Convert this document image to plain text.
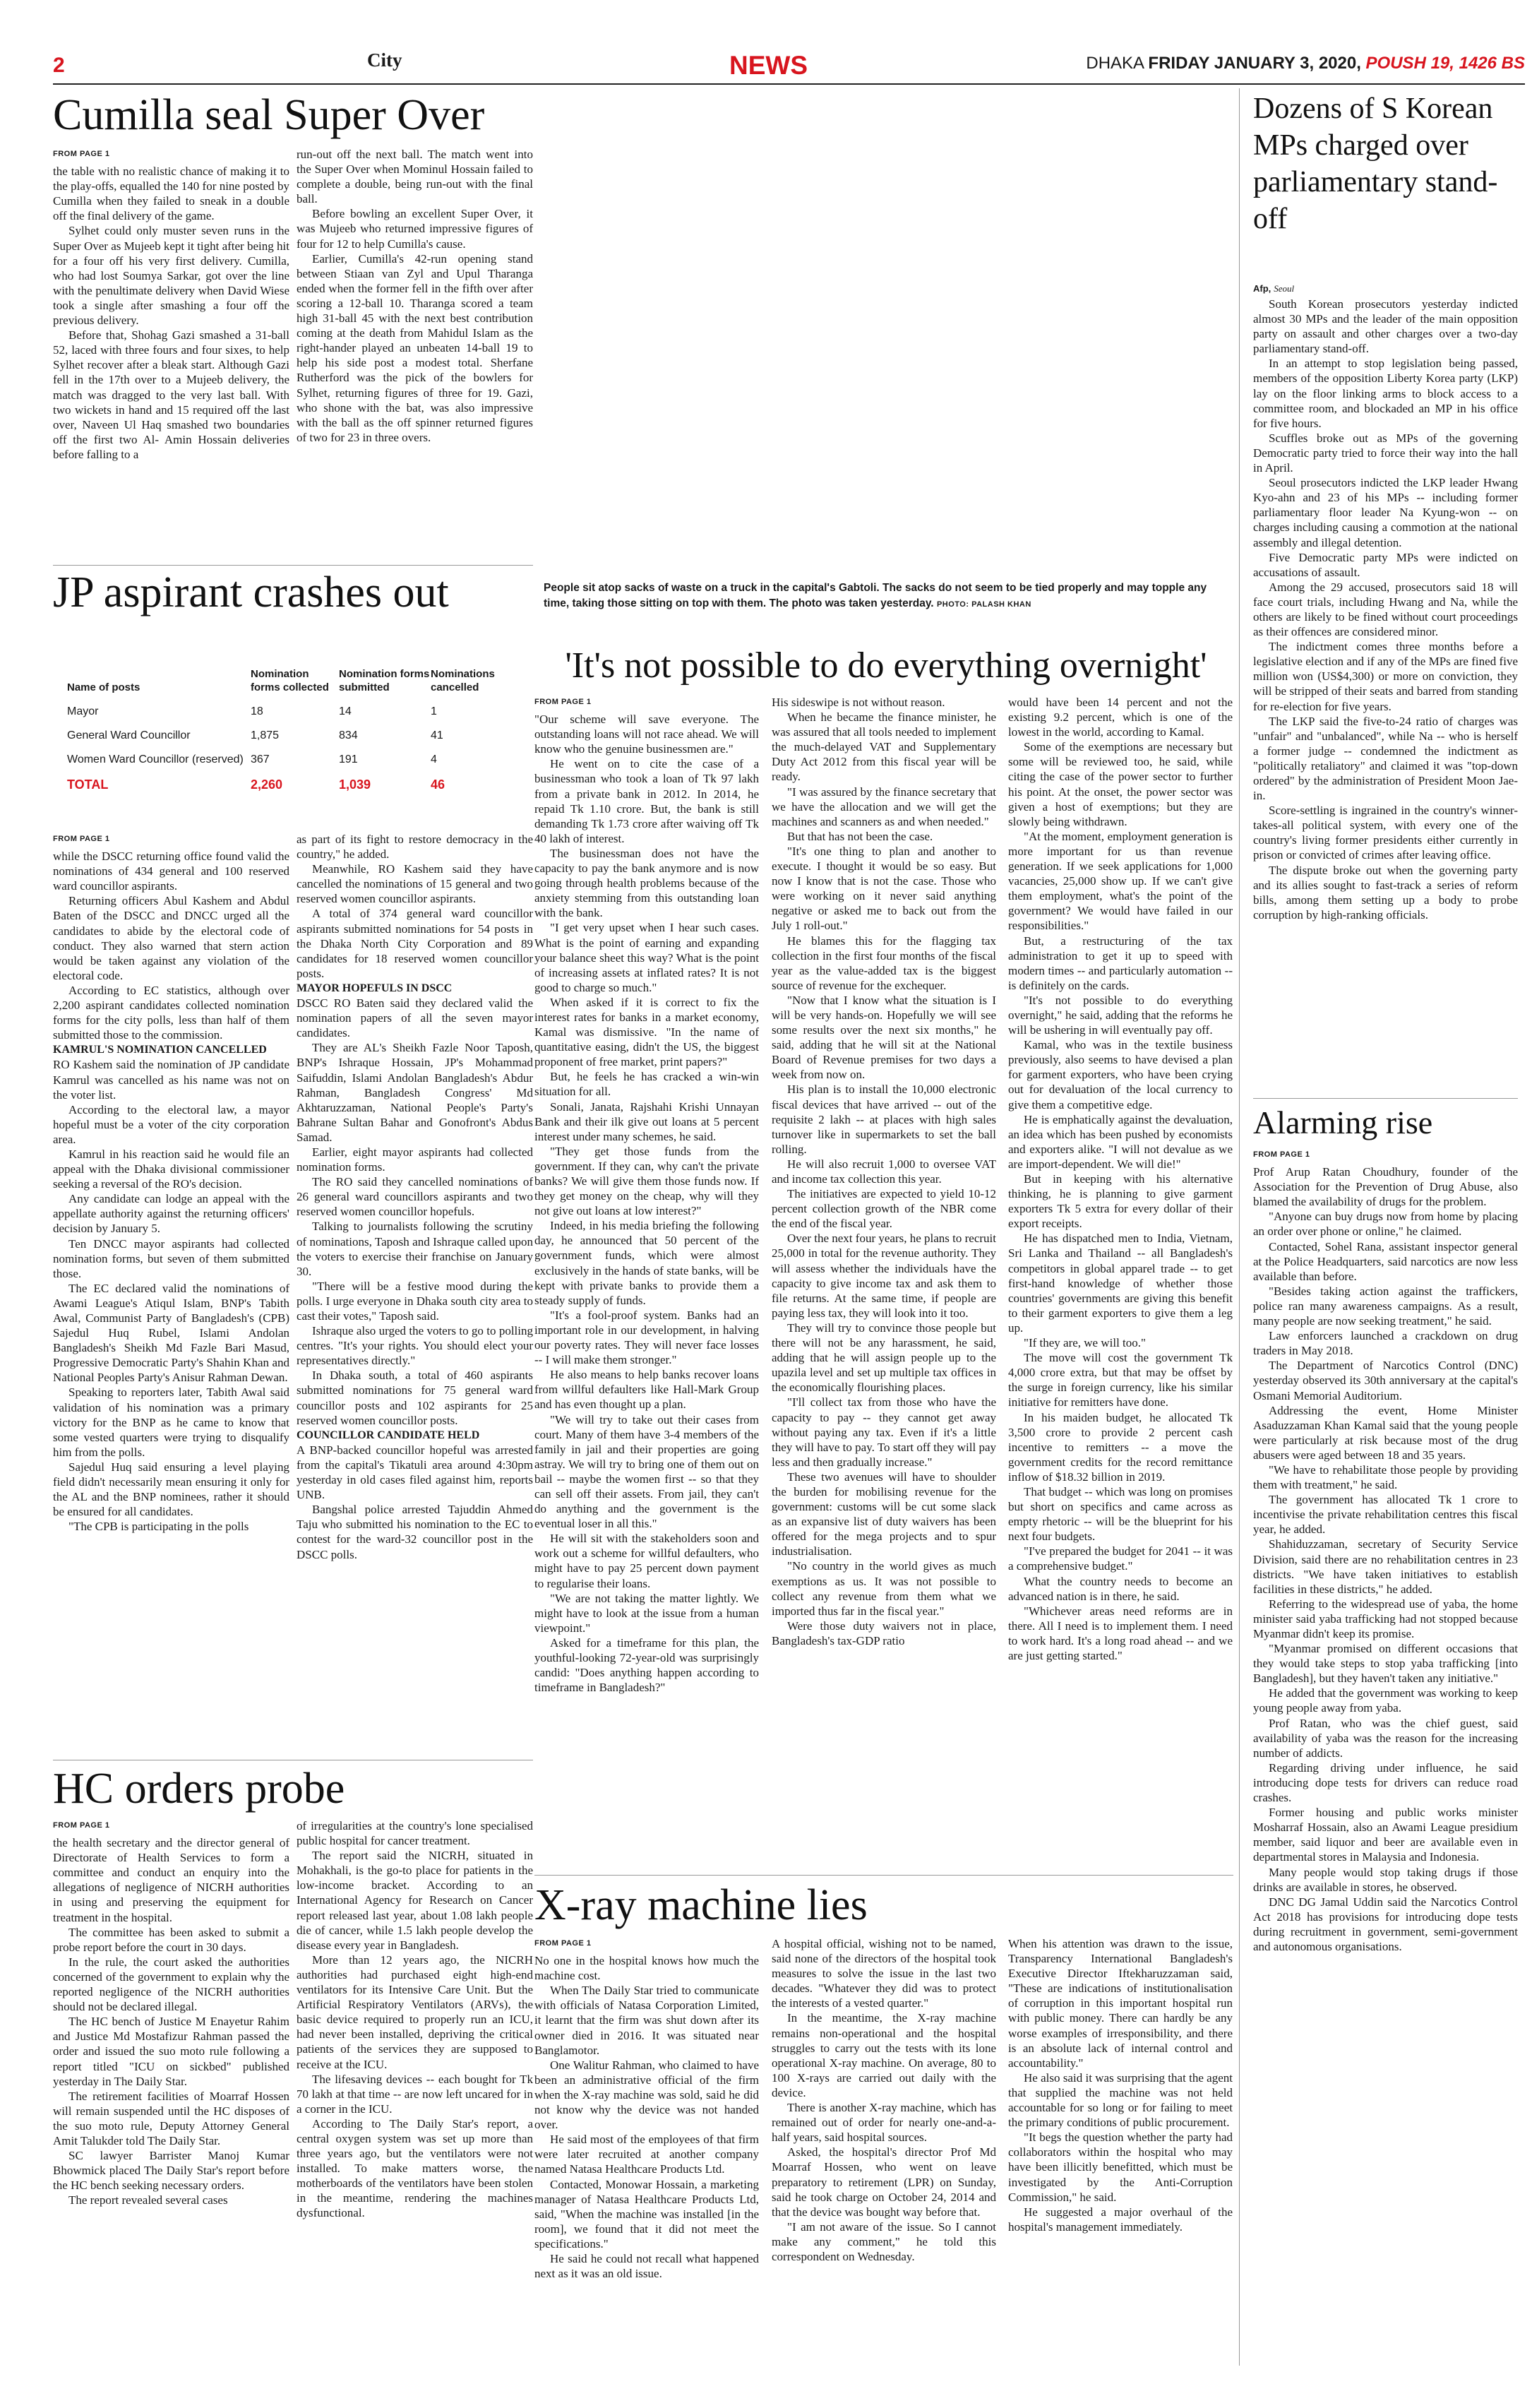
2	City	NEWS	DHAKA FRIDAY JANUARY 3, 2020, POUSH 19, 1426 BS
Cumilla seal Super Over
FROM PAGE 1

the table with no realistic chance of making it to the play-offs, equalled the 140 for nine posted by Cumilla when they failed to sneak in a double off the final delivery of the game.

Sylhet could only muster seven runs in the Super Over as Mujeeb kept it tight after being hit for a four off his very first delivery. Cumilla, who had lost Soumya Sarkar, got over the line with the penultimate delivery when David Wiese took a single after smashing a four off the previous delivery.

Before that, Shohag Gazi smashed a 31-ball 52, laced with three fours and four sixes, to help Sylhet recover after a bleak start. Although Gazi fell in the 17th over to a Mujeeb delivery, the match was dragged to the very last ball. With two wickets in hand and 15 required off the last over, Naveen Ul Haq smashed two boundaries off the first two Al- Amin Hossain deliveries before falling to a

run-out off the next ball. The match went into the Super Over when Mominul Hossain failed to complete a double, being run-out with the final ball.

Before bowling an excellent Super Over, it was Mujeeb who returned impressive figures of four for 12 to help Cumilla's cause.

Earlier, Cumilla's 42-run opening stand between Stiaan van Zyl and Upul Tharanga ended when the former fell in the fifth over after scoring a 12-ball 10. Tharanga scored a team high 31-ball 45 with the next best contribution coming at the death from Mahidul Islam as the right-hander played an unbeaten 14-ball 19 to help his side post a modest total. Sherfane Rutherford was the pick of the bowlers for Sylhet, returning figures of three for 19. Gazi, who shone with the bat, was also impressive with the ball as the off spinner returned figures of two for 23 in three overs.

People sit atop sacks of waste on a truck in the capital's Gabtoli. The sacks do not seem to be tied properly and may topple any time, taking those sitting on top with them. The photo was taken yesterday. PHOTO: PALASH KHAN
Dozens of S Korean MPs charged over parliamentary stand-off
Afp, Seoul

South Korean prosecutors yesterday indicted almost 30 MPs and the leader of the main opposition party on assault and other charges over a two-day parliamentary stand-off.

In an attempt to stop legislation being passed, members of the opposition Liberty Korea party (LKP) lay on the floor linking arms to block access to a committee room, and blockaded an MP in his office for five hours.

Scuffles broke out as MPs of the governing Democratic party tried to force their way into the hall in April.

Seoul prosecutors indicted the LKP leader Hwang Kyo-ahn and 23 of his MPs -- including former parliamentary floor leader Na Kyung-won -- on charges including causing a commotion at the national assembly and illegal detention.

Five Democratic party MPs were indicted on accusations of assault.

Among the 29 accused, prosecutors said 18 will face court trials, including Hwang and Na, while the others are likely to be fined without court proceedings as their offences are considered minor.

The indictment comes three months before a legislative election and if any of the MPs are fined five million won (US$4,300) or more on conviction, they will be stripped of their seats and barred from standing for re-election for five years.

The LKP said the five-to-24 ratio of charges was "unfair" and "unbalanced", while Na -- who is herself a former judge -- condemned the indictment as "politically retaliatory" and claimed it was "top-down ordered" by the administration of President Moon Jae-in.

Score-settling is ingrained in the country's winner-takes-all political system, with every one of the country's living former presidents either currently in prison or convicted of crimes after leaving office.

The dispute broke out when the governing party and its allies sought to fast-track a series of reform bills, among them setting up a body to probe corruption by high-ranking officials.

Alarming rise
FROM PAGE 1

Prof Arup Ratan Choudhury, founder of the Association for the Prevention of Drug Abuse, also blamed the availability of drugs for the problem.

"Anyone can buy drugs now from home by placing an order over phone or online," he claimed.

Contacted, Sohel Rana, assistant inspector general at the Police Headquarters, said narcotics are now less available than before.

"Besides taking action against the traffickers, police ran many awareness campaigns. As a result, many people are now seeking treatment," he said.

Law enforcers launched a crackdown on drug traders in May 2018.

The Department of Narcotics Control (DNC) yesterday observed its 30th anniversary at the capital's Osmani Memorial Auditorium.

Addressing the event, Home Minister Asaduzzaman Khan Kamal said that the young people were particularly at risk because most of the drug abusers were aged between 18 and 35 years.

"We have to rehabilitate those people by providing them with treatment," he said.

The government has allocated Tk 1 crore to incentivise the private rehabilitation centres this fiscal year, he added.

Shahiduzzaman, secretary of Security Service Division, said there are no rehabilitation centres in 23 districts. "We have taken initiatives to establish facilities in these districts," he added.

Referring to the widespread use of yaba, the home minister said yaba trafficking had not stopped because Myanmar didn't keep its promise.

"Myanmar promised on different occasions that they would take steps to stop yaba trafficking [into Bangladesh], but they haven't taken any initiative."

He added that the government was working to keep young people away from yaba.

Prof Ratan, who was the chief guest, said availability of yaba was the reason for the increasing number of addicts.

Regarding driving under influence, he said introducing dope tests for drivers can reduce road crashes.

Former housing and public works minister Mosharraf Hossain, also an Awami League presidium member, said liquor and beer are available even in departmental stores in Malaysia and Indonesia.

Many people would stop taking drugs if those drinks are available in stores, he observed.

DNC DG Jamal Uddin said the Narcotics Control Act 2018 has provisions for introducing dope tests during recruitment in government, semi-government and autonomous organisations.

JP aspirant crashes out
Name of posts	Nomination forms collected	Nomination forms submitted	Nominations cancelled
Mayor	18	14	1
General Ward Councillor	1,875	834	41
Women Ward Councillor (reserved)	367	191	4
TOTAL	2,260	1,039	46
FROM PAGE 1

while the DSCC returning office found valid the nominations of 434 general and 100 reserved ward councillor aspirants.

Returning officers Abul Kashem and Abdul Baten of the DSCC and DNCC urged all the candidates to abide by the electoral code of conduct. They also warned that stern action would be taken against any violation of the electoral code.

According to EC statistics, although over 2,200 aspirant candidates collected nomination forms for the city polls, less than half of them submitted those to the commission.

KAMRUL'S NOMINATION CANCELLED

RO Kashem said the nomination of JP candidate Kamrul was cancelled as his name was not on the voter list.

According to the electoral law, a mayor hopeful must be a voter of the city corporation area.

Kamrul in his reaction said he would file an appeal with the Dhaka divisional commissioner seeking a reversal of the RO's decision.

Any candidate can lodge an appeal with the appellate authority against the returning officers' decision by January 5.

Ten DNCC mayor aspirants had collected nomination forms, but seven of them submitted those.

The EC declared valid the nominations of Awami League's Atiqul Islam, BNP's Tabith Awal, Communist Party of Bangladesh's (CPB) Sajedul Huq Rubel, Islami Andolan Bangladesh's Sheikh Md Fazle Bari Masud, Progressive Democratic Party's Shahin Khan and National Peoples Party's Anisur Rahman Dewan.

Speaking to reporters later, Tabith Awal said validation of his nomination was a primary victory for the BNP as he came to know that some vested quarters were trying to disqualify him from the polls.

Sajedul Huq said ensuring a level playing field didn't necessarily mean ensuring it only for the AL and the BNP nominees, rather it should be ensured for all candidates.

"The CPB is participating in the polls

as part of its fight to restore democracy in the country," he added.

Meanwhile, RO Kashem said they have cancelled the nominations of 15 general and two reserved women councillor aspirants.

A total of 374 general ward councillor aspirants submitted nominations for 54 posts in the Dhaka North City Corporation and 89 candidates for 18 reserved women councillor posts.

MAYOR HOPEFULS IN DSCC

DSCC RO Baten said they declared valid the nomination papers of all the seven mayor candidates.

They are AL's Sheikh Fazle Noor Taposh, BNP's Ishraque Hossain, JP's Mohammad Saifuddin, Islami Andolan Bangladesh's Abdur Rahman, Bangladesh Congress' Md Akhtaruzzaman, National People's Party's Bahrane Sultan Bahar and Gonofront's Abdus Samad.

Earlier, eight mayor aspirants had collected nomination forms.

The RO said they cancelled nominations of 26 general ward councillors aspirants and two reserved women councillor hopefuls.

Talking to journalists following the scrutiny of nominations, Taposh and Ishraque called upon the voters to exercise their franchise on January 30.

"There will be a festive mood during the polls. I urge everyone in Dhaka south city area to cast their votes," Taposh said.

Ishraque also urged the voters to go to polling centres. "It's your rights. You should elect your representatives directly."

In Dhaka south, a total of 460 aspirants submitted nominations for 75 general ward councillor posts and 102 aspirants for 25 reserved women councillor posts.

COUNCILLOR CANDIDATE HELD

A BNP-backed councillor hopeful was arrested from the capital's Tikatuli area around 4:30pm yesterday in old cases filed against him, reports UNB.

Bangshal police arrested Tajuddin Ahmed Taju who submitted his nomination to the EC to contest for the ward-32 councillor post in the DSCC polls.

'It's not possible to do everything overnight'
FROM PAGE 1

"Our scheme will save everyone. The outstanding loans will not race ahead. We will know who the genuine businessmen are."

He went on to cite the case of a businessman who took a loan of Tk 97 lakh from a private bank in 2012. In 2014, he repaid Tk 1.10 crore. But, the bank is still demanding Tk 1.73 crore after waiving off Tk 40 lakh of interest.

The businessman does not have the capacity to pay the bank anymore and is now going through health problems because of the anxiety stemming from this outstanding loan with the bank.

"I get very upset when I hear such cases. What is the point of earning and expanding your balance sheet this way? What is the point of increasing assets at inflated rates? It is not good to charge so much."

When asked if it is correct to fix the interest rates for banks in a market economy, Kamal was dismissive. "In the name of quantitative easing, didn't the US, the biggest proponent of free market, print papers?"

But, he feels he has cracked a win-win situation for all.

Sonali, Janata, Rajshahi Krishi Unnayan Bank and their ilk give out loans at 5 percent interest under many schemes, he said.

"They get those funds from the government. If they can, why can't the private banks? We will give them those funds now. If they get money on the cheap, why will they not give out loans at low interest?"

Indeed, in his media briefing the following day, he announced that 50 percent of the government funds, which were almost exclusively in the hands of state banks, will be kept with private banks to provide them a steady supply of funds.

"It's a fool-proof system. Banks had an important role in our development, in halving our poverty rates. They will never face losses -- I will make them stronger."

He also means to help banks recover loans from willful defaulters like Hall-Mark Group and has even thought up a plan.

"We will try to take out their cases from court. Many of them have 3-4 members of the family in jail and their properties are going astray. We will try to bring one of them out on bail -- maybe the women first -- so that they can sell off their assets. From jail, they can't do anything and the government is the eventual loser in all this."

He will sit with the stakeholders soon and work out a scheme for willful defaulters, who might have to pay 25 percent down payment to regularise their loans.

"We are not taking the matter lightly. We might have to look at the issue from a human viewpoint."

Asked for a timeframe for this plan, the youthful-looking 72-year-old was surprisingly candid: "Does anything happen according to timeframe in Bangladesh?"

His sideswipe is not without reason.

When he became the finance minister, he was assured that all tools needed to implement the much-delayed VAT and Supplementary Duty Act 2012 from this fiscal year will be ready.

"I was assured by the finance secretary that we have the allocation and we will get the machines and scanners as and when needed."

But that has not been the case.

"It's one thing to plan and another to execute. I thought it would be so easy. But now I know that is not the case. Those who were working on it never said anything negative or asked me to back out from the July 1 roll-out."

He blames this for the flagging tax collection in the first four months of the fiscal year as the value-added tax is the biggest source of revenue for the exchequer.

"Now that I know what the situation is I will be very hands-on. Hopefully we will see some results over the next six months," he said, adding that he will sit at the National Board of Revenue premises for two days a week from now on.

His plan is to install the 10,000 electronic fiscal devices that have arrived -- out of the requisite 2 lakh -- at places with high sales turnover like in supermarkets to set the ball rolling.

He will also recruit 1,000 to oversee VAT and income tax collection this year.

The initiatives are expected to yield 10-12 percent collection growth of the NBR come the end of the fiscal year.

Over the next four years, he plans to recruit 25,000 in total for the revenue authority. They will assess whether the individuals have the capacity to give income tax and ask them to file returns. At the same time, if people are paying less tax, they will look into it too.

They will try to convince those people but there will not be any harassment, he said, adding that he will assign people up to the upazila level and set up multiple tax offices in the economically flourishing places.

"I'll collect tax from those who have the capacity to pay -- they cannot get away without paying any tax. Even if it's a little they will have to pay. To start off they will pay less and then gradually increase."

These two avenues will have to shoulder the burden for mobilising revenue for the government: customs will be cut some slack as an expansive list of duty waivers has been offered for the mega projects and to spur industrialisation.

"No country in the world gives as much exemptions as us. It was not possible to collect any revenue from them what we imported thus far in the fiscal year."

Were those duty waivers not in place, Bangladesh's tax-GDP ratio

would have been 14 percent and not the existing 9.2 percent, which is one of the lowest in the world, according to Kamal.

Some of the exemptions are necessary but some will be reviewed too, he said, while citing the case of the power sector to further his point. At the onset, the power sector was given a host of exemptions; but they are slowly being withdrawn.

"At the moment, employment generation is more important for us than revenue generation. If we seek applications for 1,000 vacancies, 25,000 show up. If we can't give them employment, what's the point of the government? We would have failed in our responsibilities."

But, a restructuring of the tax administration to get it up to speed with modern times -- and particularly automation -- is definitely on the cards.

"It's not possible to do everything overnight," he said, adding that the reforms he will be ushering in will eventually pay off.

Kamal, who was in the textile business previously, also seems to have devised a plan for garment exporters, who have been crying out for devaluation of the local currency to give them a competitive edge.

He is emphatically against the devaluation, an idea which has been pushed by economists and exporters alike. "I will not devalue as we are import-dependent. We will die!"

But in keeping with his alternative thinking, he is planning to give garment exporters Tk 5 extra for every dollar of their export receipts.

He has dispatched men to India, Vietnam, Sri Lanka and Thailand -- all Bangladesh's competitors in global apparel trade -- to get first-hand knowledge of whether those countries' governments are giving this benefit to their garment exporters to give them a leg up.

"If they are, we will too."

The move will cost the government Tk 4,000 crore extra, but that may be offset by the surge in foreign currency, like his similar initiative for remitters have done.

In his maiden budget, he allocated Tk 3,500 crore to provide 2 percent cash incentive to remitters -- a move the government credits for the record remittance inflow of $18.32 billion in 2019.

That budget -- which was long on promises but short on specifics and came across as empty rhetoric -- will be the blueprint for his next four budgets.

"I've prepared the budget for 2041 -- it was a comprehensive budget."

What the country needs to become an advanced nation is in there, he said.

"Whichever areas need reforms are in there. All I need is to implement them. I need to work hard. It's a long road ahead -- and we are just getting started."

HC orders probe
FROM PAGE 1

the health secretary and the director general of Directorate of Health Services to form a committee and conduct an enquiry into the allegations of negligence of NICRH authorities in using and preserving the equipment for treatment in the hospital.

The committee has been asked to submit a probe report before the court in 30 days.

In the rule, the court asked the authorities concerned of the government to explain why the reported negligence of the NICRH authorities should not be declared illegal.

The HC bench of Justice M Enayetur Rahim and Justice Md Mostafizur Rahman passed the order and issued the suo moto rule following a report titled "ICU on sickbed" published yesterday in The Daily Star.

The retirement facilities of Moarraf Hossen will remain suspended until the HC disposes of the suo moto rule, Deputy Attorney General Amit Talukder told The Daily Star.

SC lawyer Barrister Manoj Kumar Bhowmick placed The Daily Star's report before the HC bench seeking necessary orders.

The report revealed several cases

of irregularities at the country's lone specialised public hospital for cancer treatment.

The report said the NICRH, situated in Mohakhali, is the go-to place for patients in the low-income bracket. According to an International Agency for Research on Cancer report released last year, about 1.08 lakh people die of cancer, while 1.5 lakh people develop the disease every year in Bangladesh.

More than 12 years ago, the NICRH authorities had purchased eight high-end ventilators for its Intensive Care Unit. But the Artificial Respiratory Ventilators (ARVs), the basic device required to properly run an ICU, had never been installed, depriving the critical patients of the services they are supposed to receive at the ICU.

The lifesaving devices -- each bought for Tk 70 lakh at that time -- are now left uncared for in a corner in the ICU.

According to The Daily Star's report, a central oxygen system was set up more than three years ago, but the ventilators were not installed. To make matters worse, the motherboards of the ventilators have been stolen in the meantime, rendering the machines dysfunctional.

X-ray machine lies
FROM PAGE 1

No one in the hospital knows how much the machine cost.

When The Daily Star tried to communicate with officials of Natasa Corporation Limited, it learnt that the firm was shut down after its owner died in 2016. It was situated near Banglamotor.

One Walitur Rahman, who claimed to have been an administrative official of the firm when the X-ray machine was sold, said he did not know why the device was not handed over.

He said most of the employees of that firm were later recruited at another company named Natasa Healthcare Products Ltd.

Contacted, Monowar Hossain, a marketing manager of Natasa Healthcare Products Ltd, said, "When the machine was installed [in the room], we found that it did not meet the specifications."

He said he could not recall what happened next as it was an old issue.

A hospital official, wishing not to be named, said none of the directors of the hospital took measures to solve the issue in the last two decades. "Whatever they did was to protect the interests of a vested quarter."

In the meantime, the X-ray machine remains non-operational and the hospital struggles to carry out the tests with its lone operational X-ray machine. On average, 80 to 100 X-rays are carried out daily with the device.

There is another X-ray machine, which has remained out of order for nearly one-and-a-half years, said hospital sources.

Asked, the hospital's director Prof Md Moarraf Hossen, who went on leave preparatory to retirement (LPR) on Sunday, said he took charge on October 24, 2014 and that the device was bought way before that.

"I am not aware of the issue. So I cannot make any comment," he told this correspondent on Wednesday.

When his attention was drawn to the issue, Transparency International Bangladesh's Executive Director Iftekharuzzaman said, "These are indications of institutionalisation of corruption in this important hospital run with public money. There can hardly be any worse examples of irresponsibility, and there is an absolute lack of internal control and accountability."

He also said it was surprising that the agent that supplied the machine was not held accountable for so long or for failing to meet the primary conditions of public procurement.

"It begs the question whether the party had collaborators within the hospital who may have been illicitly benefitted, which must be investigated by the Anti-Corruption Commission," he said.

He suggested a major overhaul of the hospital's management immediately.
